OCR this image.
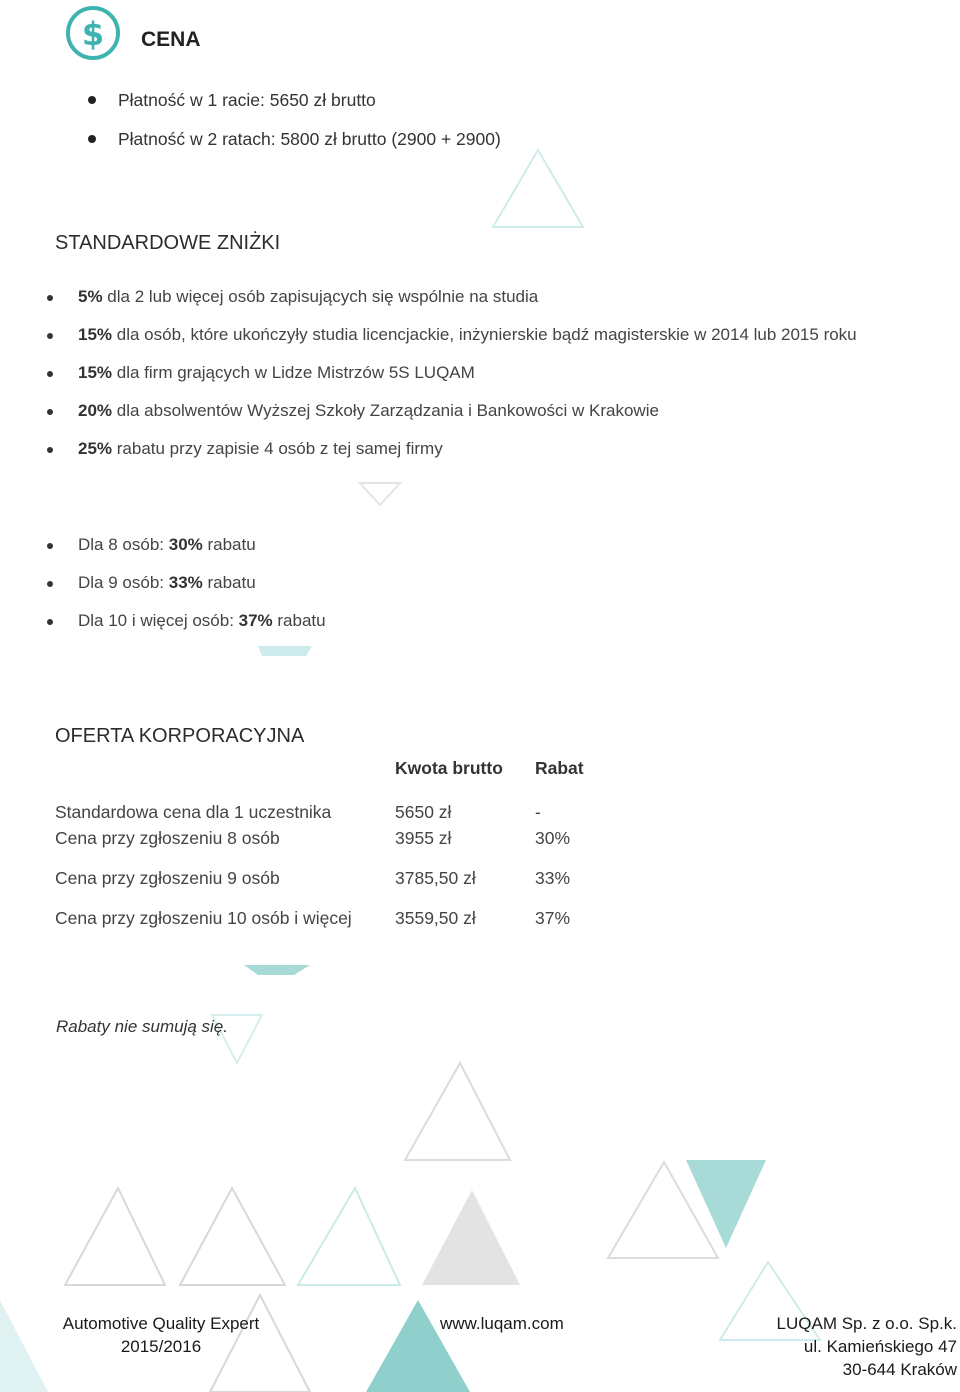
$ CENA
Płatność w 1 racie: 5650 zł brutto
Płatność w 2 ratach: 5800 zł brutto (2900 + 2900)
STANDARDOWE ZNIŻKI
5% dla 2 lub więcej osób zapisujących się wspólnie na studia
15% dla osób, które ukończyły studia licencjackie, inżynierskie bądź magisterskie w 2014 lub 2015 roku
15% dla firm grających w Lidze Mistrzów 5S LUQAM
20% dla absolwentów Wyższej Szkoły Zarządzania i Bankowości w Krakowie
25% rabatu przy zapisie 4 osób z tej samej firmy
Dla 8 osób: 30% rabatu
Dla 9 osób: 33% rabatu
Dla 10 i więcej osób: 37% rabatu
OFERTA KORPORACYJNA
	Kwota brutto	Rabat
Standardowa cena dla 1 uczestnika	5650 zł	-
Cena przy zgłoszeniu 8 osób	3955 zł	30%
Cena przy zgłoszeniu 9 osób	3785,50 zł	33%
Cena przy zgłoszeniu 10 osób i więcej	3559,50 zł	37%
Rabaty nie sumują się.
Automotive Quality Expert
2015/2016
www.luqam.com	LUQAM Sp. z o.o. Sp.k.
ul. Kamieńskiego 47
30-644 Kraków
